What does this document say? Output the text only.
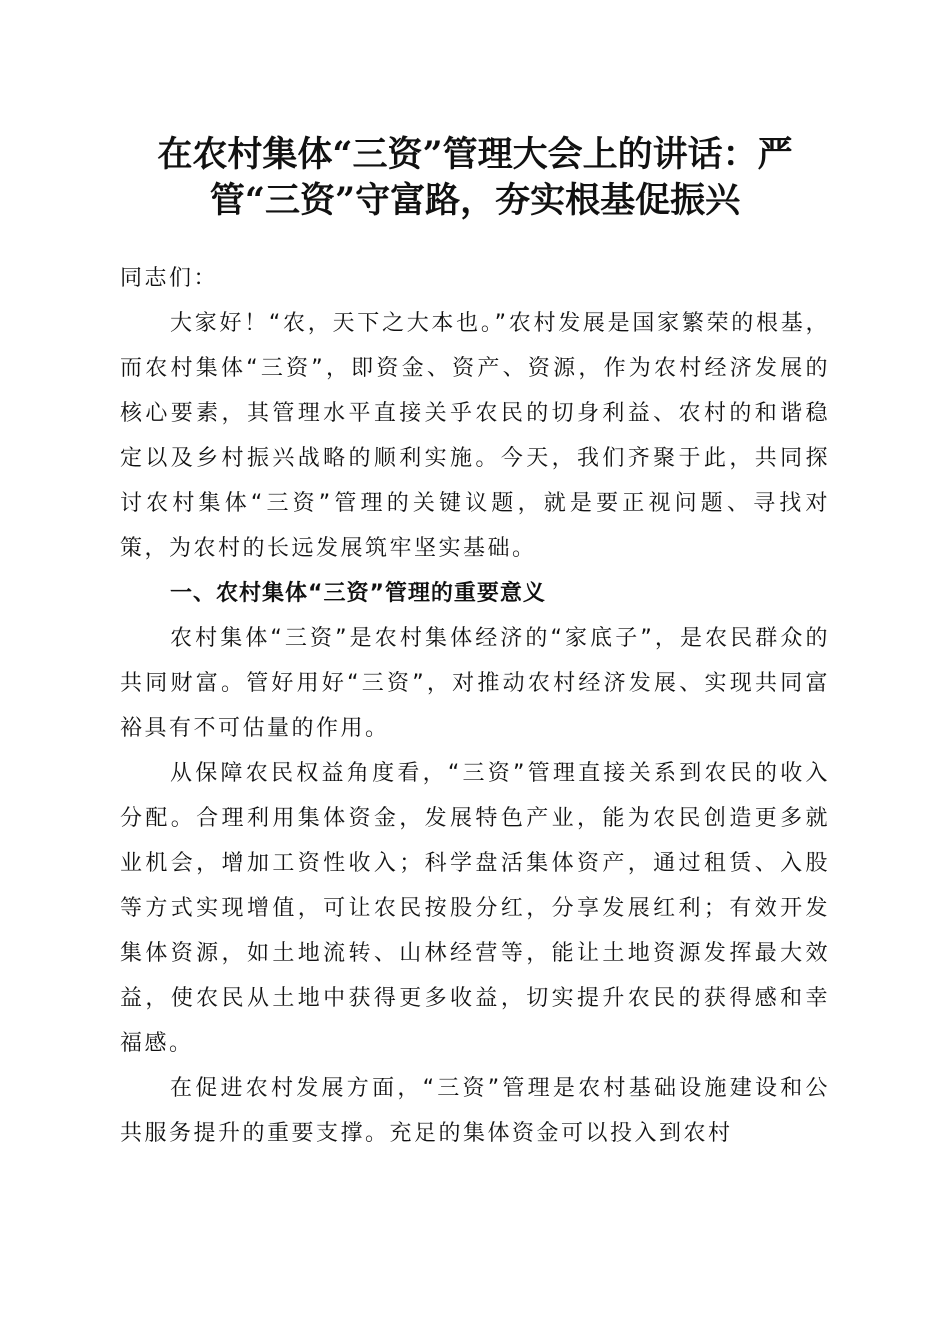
在农村集体“三资”管理大会上的讲话：严
管“三资”守富路，夯实根基促振兴

同志们：

大家好！“农，天下之大本也。”农村发展是国家繁荣的根基，而农村集体“三资”，即资金、资产、资源，作为农村经济发展的核心要素，其管理水平直接关乎农民的切身利益、农村的和谐稳定以及乡村振兴战略的顺利实施。今天，我们齐聚于此，共同探讨农村集体“三资”管理的关键议题，就是要正视问题、寻找对策，为农村的长远发展筑牢坚实基础。

一、农村集体“三资”管理的重要意义

农村集体“三资”是农村集体经济的“家底子”，是农民群众的共同财富。管好用好“三资”，对推动农村经济发展、实现共同富裕具有不可估量的作用。

从保障农民权益角度看，“三资”管理直接关系到农民的收入分配。合理利用集体资金，发展特色产业，能为农民创造更多就业机会，增加工资性收入；科学盘活集体资产，通过租赁、入股等方式实现增值，可让农民按股分红，分享发展红利；有效开发集体资源，如土地流转、山林经营等，能让土地资源发挥最大效益，使农民从土地中获得更多收益，切实提升农民的获得感和幸福感。

在促进农村发展方面，“三资”管理是农村基础设施建设和公共服务提升的重要支撑。充足的集体资金可以投入到农村
